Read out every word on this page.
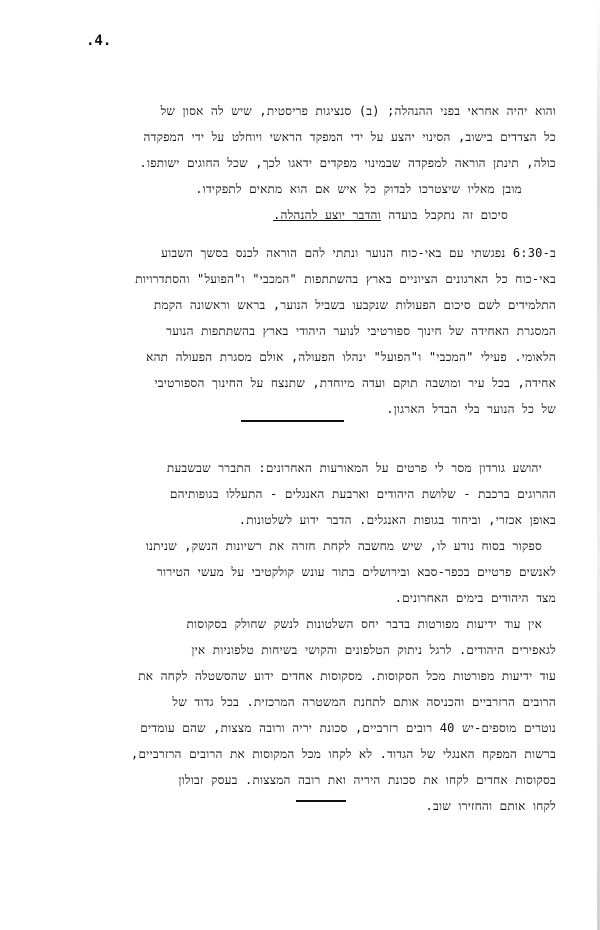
.4.
והוא יהיה אחראי בפני ההנהלה; (ב) סנציגות פריסטית, שיש לה אסון של
כל הצדדים בישוב, הסינוי יהצע על ידי המפקד הראשי ויוחלט על ידי המפקדה
כולה, תינתן הוראה למפקדה שבמינוי מפקדים ידאגו לכך, שכל החוגים ישותפו.
מובן מאליו שיצטרכו לבדוק כל איש אם הוא מתאים לתפקידו.
סיכום זה נתקבל בועדה והדבר יוצע להנהלה.
ב-6:30 נפגשתי עם באי-כוח הנוער ונתתי להם הוראה לכנס בסשך השבוע
באי-כוח כל הארגונים הציוניים בארץ בהשתתפות "המכבי" ו"הפועל" והסתדרויות
התלמידים לשם סיכום הפעולות שנקבעו בשביל הנוער, בראש וראשונה הקמת
המסגרת האחידה של חינוך ספורטיבי לנוער היהודי בארץ בהשתתפות הנוער
הלאומי. פעילי "המכבי" ו"הפועל" ינהלו הפעולה, אולם מסגרת הפעולה תהא
אחידה, בכל עיר ומושבה תוקם ועדה מיוחדת, שתנצח על החינוך הספורטיבי
של כל הנוער בלי הבדל הארגון.
יהושע גורדון מסר לי פרטים על המאורעות האחרונים: התברר שבשבעת
ההרוגים ברכבת - שלושת היהודים וארבעת האנגלים - התעללו בגופותיהם
באופן אכזרי, וביחוד בגופות האנגלים. הדבר ידוע לשלטונות.
ספקור בסוח נודע לו, שיש מחשבה לקחת חזרה את רשיונות הנשק, שניתנו
לאנשים פרטיים בכפר-סבא ובירושלים בתור עונש קולקטיבי על מעשי הטירור
מצד היהודים בימים האחרונים.
אין עוד ידיעות מפורטות בדבר יחס השלטונות לנשק שחולק בסקוסות
לגאפירים היהודים. לרגל ניתוק הטלפונים והקושי בשיחות טלפוניות אין
עוד ידיעות מפורטות מכל הסקוסות. מסקוסות אחדים ידוע שהסשטלה לקחה את
הרובים הרזרביים והכניסה אותם לתחנת המשטרה המרכזית. בכל גדוד של
נוטרים מוספים-יש 40 רובים רזרביים, סכונת יריה ורובה מצצות, שהם עומדים
ברשות המפקח האנגלי של הגדוד. לא לקחו מכל המקוסות את הרובים הרזרביים,
בסקוסות אחדים לקחו את סכונת היריה ואת רובה המצצות. בעסק זבולון
לקחו אותם והחזירו שוב.
